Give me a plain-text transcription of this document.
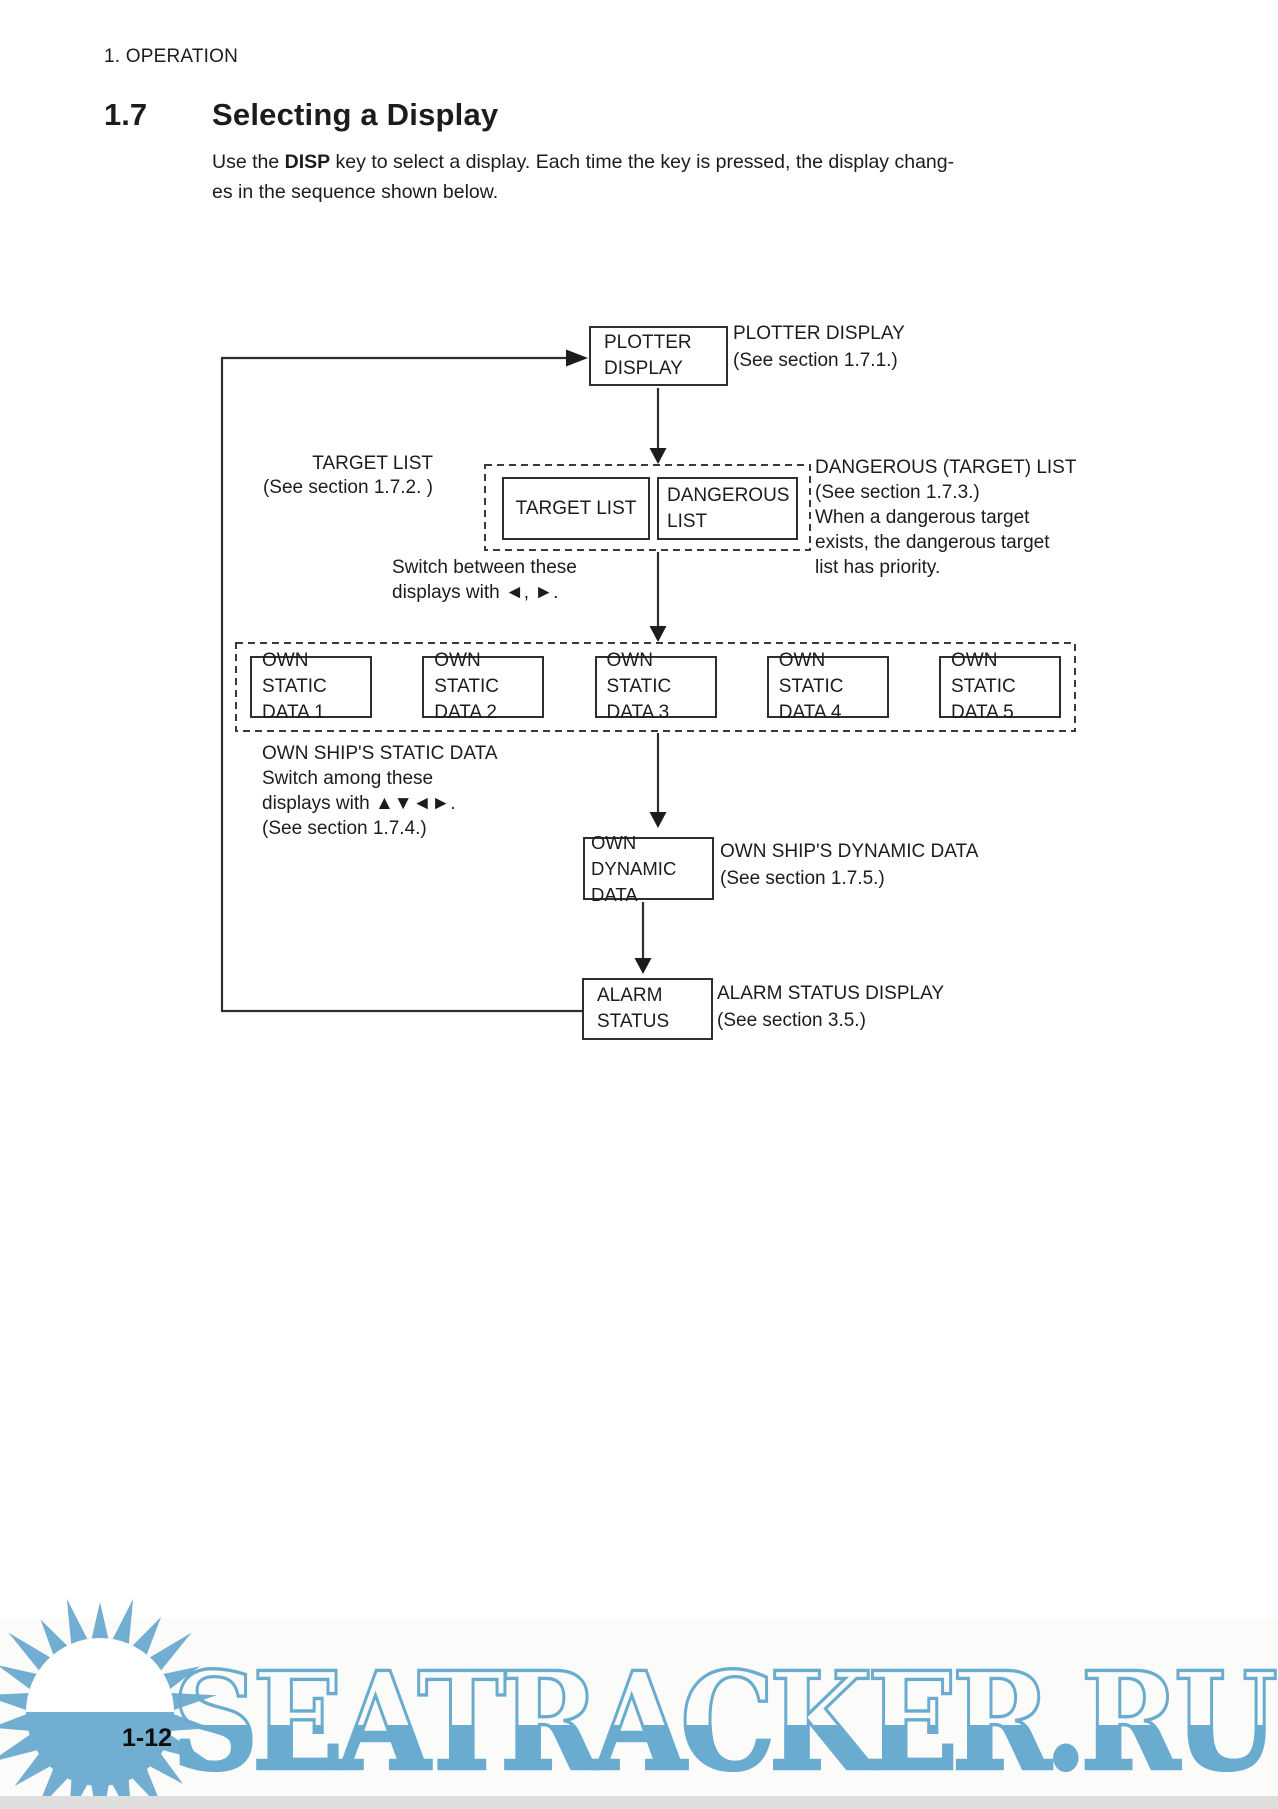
1. OPERATION
1.7 Selecting a Display
Use the DISP key to select a display. Each time the key is pressed, the display chang-
es in the sequence shown below.
PLOTTER
DISPLAY
PLOTTER DISPLAY
(See section 1.7.1.)
TARGET LIST
(See section 1.7.2. )
TARGET LIST
DANGEROUS
LIST
DANGEROUS (TARGET) LIST
(See section 1.7.3.)
When a dangerous target
exists, the dangerous target
list has priority.
Switch between these
displays with ◄, ►.
OWN STATIC
DATA 1
OWN STATIC
DATA 2
OWN STATIC
DATA 3
OWN STATIC
DATA 4
OWN STATIC
DATA 5
OWN SHIP'S STATIC DATA
Switch among these
displays with ▲▼◄►.
(See section 1.7.4.)
OWN DYNAMIC
DATA
OWN SHIP'S DYNAMIC DATA
(See section 1.7.5.)
ALARM
STATUS
ALARM STATUS DISPLAY
(See section 3.5.)
1-12 SEATRACKER.RU
